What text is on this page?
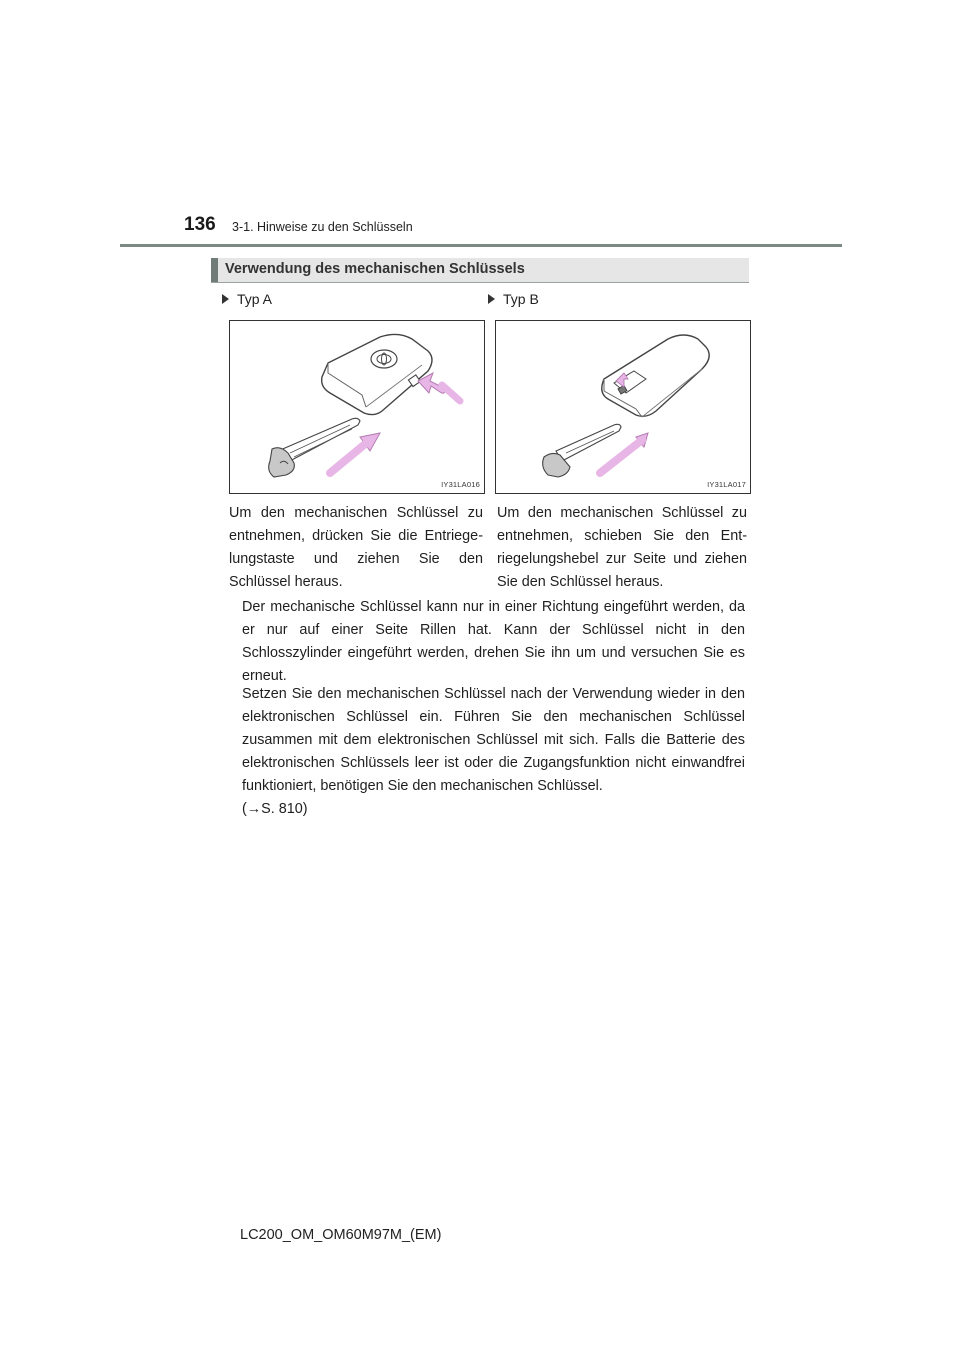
136 3-1. Hinweise zu den Schlüsseln
Verwendung des mechanischen Schlüssels
Typ A
IY31LA016
Um den mechanischen Schlüssel zu entnehmen, drücken Sie die Entriegelungstaste und ziehen Sie den Schlüssel heraus.
Typ B
IY31LA017
Um den mechanischen Schlüssel zu entnehmen, schieben Sie den Entriegelungshebel zur Seite und ziehen Sie den Schlüssel heraus.

Der mechanische Schlüssel kann nur in einer Richtung eingeführt werden, da er nur auf einer Seite Rillen hat. Kann der Schlüssel nicht in den Schlosszylinder eingeführt werden, drehen Sie ihn um und versuchen Sie es erneut.

Setzen Sie den mechanischen Schlüssel nach der Verwendung wieder in den elektronischen Schlüssel ein. Führen Sie den mechanischen Schlüssel zusammen mit dem elektronischen Schlüssel mit sich. Falls die Batterie des elektronischen Schlüssels leer ist oder die Zugangsfunktion nicht einwandfrei funktioniert, benötigen Sie den mechanischen Schlüssel.

(→S. 810)

LC200_OM_OM60M97M_(EM)
